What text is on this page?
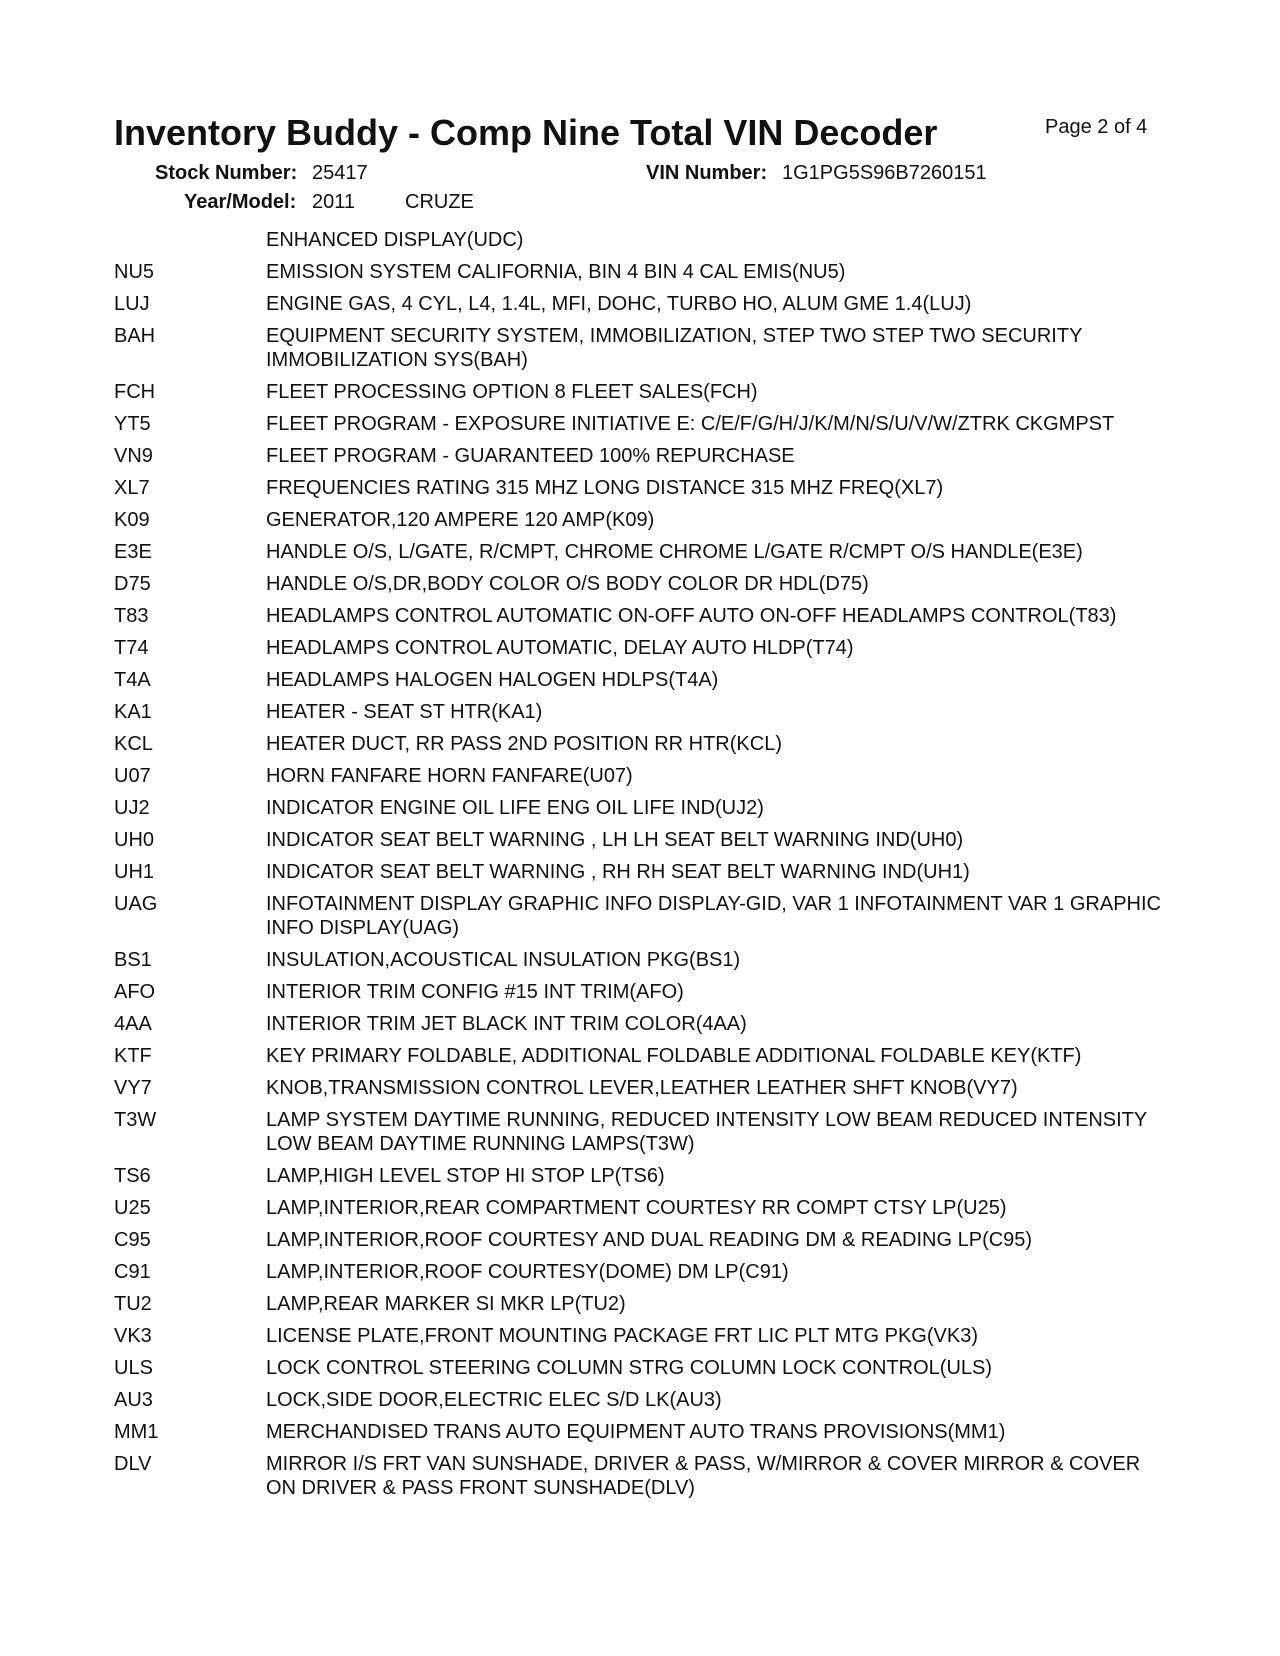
Inventory Buddy - Comp Nine Total VIN Decoder	Page 2 of 4
Stock Number: 25417	VIN Number: 1G1PG5S96B7260151
Year/Model: 2011 CRUZE
ENHANCED DISPLAY(UDC)
NU5	EMISSION SYSTEM CALIFORNIA, BIN 4 BIN 4 CAL EMIS(NU5)
LUJ	ENGINE GAS, 4 CYL, L4, 1.4L, MFI, DOHC, TURBO HO, ALUM GME 1.4(LUJ)
BAH	EQUIPMENT SECURITY SYSTEM, IMMOBILIZATION, STEP TWO STEP TWO SECURITY IMMOBILIZATION SYS(BAH)
FCH	FLEET PROCESSING OPTION 8 FLEET SALES(FCH)
YT5	FLEET PROGRAM - EXPOSURE INITIATIVE E: C/E/F/G/H/J/K/M/N/S/U/V/W/ZTRK CKGMPST
VN9	FLEET PROGRAM - GUARANTEED 100% REPURCHASE
XL7	FREQUENCIES RATING 315 MHZ LONG DISTANCE 315 MHZ FREQ(XL7)
K09	GENERATOR,120 AMPERE 120 AMP(K09)
E3E	HANDLE O/S, L/GATE, R/CMPT, CHROME CHROME L/GATE R/CMPT O/S HANDLE(E3E)
D75	HANDLE O/S,DR,BODY COLOR O/S BODY COLOR DR HDL(D75)
T83	HEADLAMPS CONTROL AUTOMATIC ON-OFF AUTO ON-OFF HEADLAMPS CONTROL(T83)
T74	HEADLAMPS CONTROL AUTOMATIC, DELAY AUTO HLDP(T74)
T4A	HEADLAMPS HALOGEN HALOGEN HDLPS(T4A)
KA1	HEATER - SEAT ST HTR(KA1)
KCL	HEATER DUCT, RR PASS 2ND POSITION RR HTR(KCL)
U07	HORN FANFARE HORN FANFARE(U07)
UJ2	INDICATOR ENGINE OIL LIFE ENG OIL LIFE IND(UJ2)
UH0	INDICATOR SEAT BELT WARNING , LH LH SEAT BELT WARNING IND(UH0)
UH1	INDICATOR SEAT BELT WARNING , RH RH SEAT BELT WARNING IND(UH1)
UAG	INFOTAINMENT DISPLAY GRAPHIC INFO DISPLAY-GID, VAR 1 INFOTAINMENT VAR 1 GRAPHIC INFO DISPLAY(UAG)
BS1	INSULATION,ACOUSTICAL INSULATION PKG(BS1)
AFO	INTERIOR TRIM CONFIG #15 INT TRIM(AFO)
4AA	INTERIOR TRIM JET BLACK INT TRIM COLOR(4AA)
KTF	KEY PRIMARY FOLDABLE, ADDITIONAL FOLDABLE ADDITIONAL FOLDABLE KEY(KTF)
VY7	KNOB,TRANSMISSION CONTROL LEVER,LEATHER LEATHER SHFT KNOB(VY7)
T3W	LAMP SYSTEM DAYTIME RUNNING, REDUCED INTENSITY LOW BEAM REDUCED INTENSITY LOW BEAM DAYTIME RUNNING LAMPS(T3W)
TS6	LAMP,HIGH LEVEL STOP HI STOP LP(TS6)
U25	LAMP,INTERIOR,REAR COMPARTMENT COURTESY RR COMPT CTSY LP(U25)
C95	LAMP,INTERIOR,ROOF COURTESY AND DUAL READING DM & READING LP(C95)
C91	LAMP,INTERIOR,ROOF COURTESY(DOME) DM LP(C91)
TU2	LAMP,REAR MARKER SI MKR LP(TU2)
VK3	LICENSE PLATE,FRONT MOUNTING PACKAGE FRT LIC PLT MTG PKG(VK3)
ULS	LOCK CONTROL STEERING COLUMN STRG COLUMN LOCK CONTROL(ULS)
AU3	LOCK,SIDE DOOR,ELECTRIC ELEC S/D LK(AU3)
MM1	MERCHANDISED TRANS AUTO EQUIPMENT AUTO TRANS PROVISIONS(MM1)
DLV	MIRROR I/S FRT VAN SUNSHADE, DRIVER & PASS, W/MIRROR & COVER MIRROR & COVER ON DRIVER & PASS FRONT SUNSHADE(DLV)
